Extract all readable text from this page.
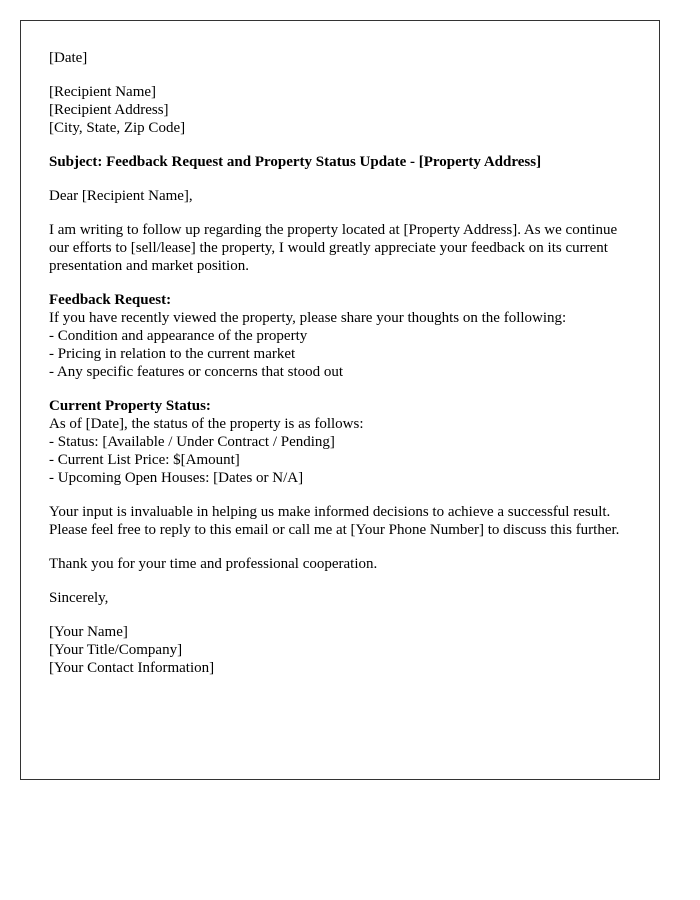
[Date]
[Recipient Name]
[Recipient Address]
[City, State, Zip Code]
Subject: Feedback Request and Property Status Update - [Property Address]
Dear [Recipient Name],

I am writing to follow up regarding the property located at [Property Address]. As we continue our efforts to [sell/lease] the property, I would greatly appreciate your feedback on its current presentation and market position.

Feedback Request:
If you have recently viewed the property, please share your thoughts on the following:
- Condition and appearance of the property
- Pricing in relation to the current market
- Any specific features or concerns that stood out
Current Property Status:
As of [Date], the status of the property is as follows:
- Status: [Available / Under Contract / Pending]
- Current List Price: $[Amount]
- Upcoming Open Houses: [Dates or N/A]

Your input is invaluable in helping us make informed decisions to achieve a successful result. Please feel free to reply to this email or call me at [Your Phone Number] to discuss this further.

Thank you for your time and professional cooperation.

Sincerely,
[Your Name]
[Your Title/Company]
[Your Contact Information]
